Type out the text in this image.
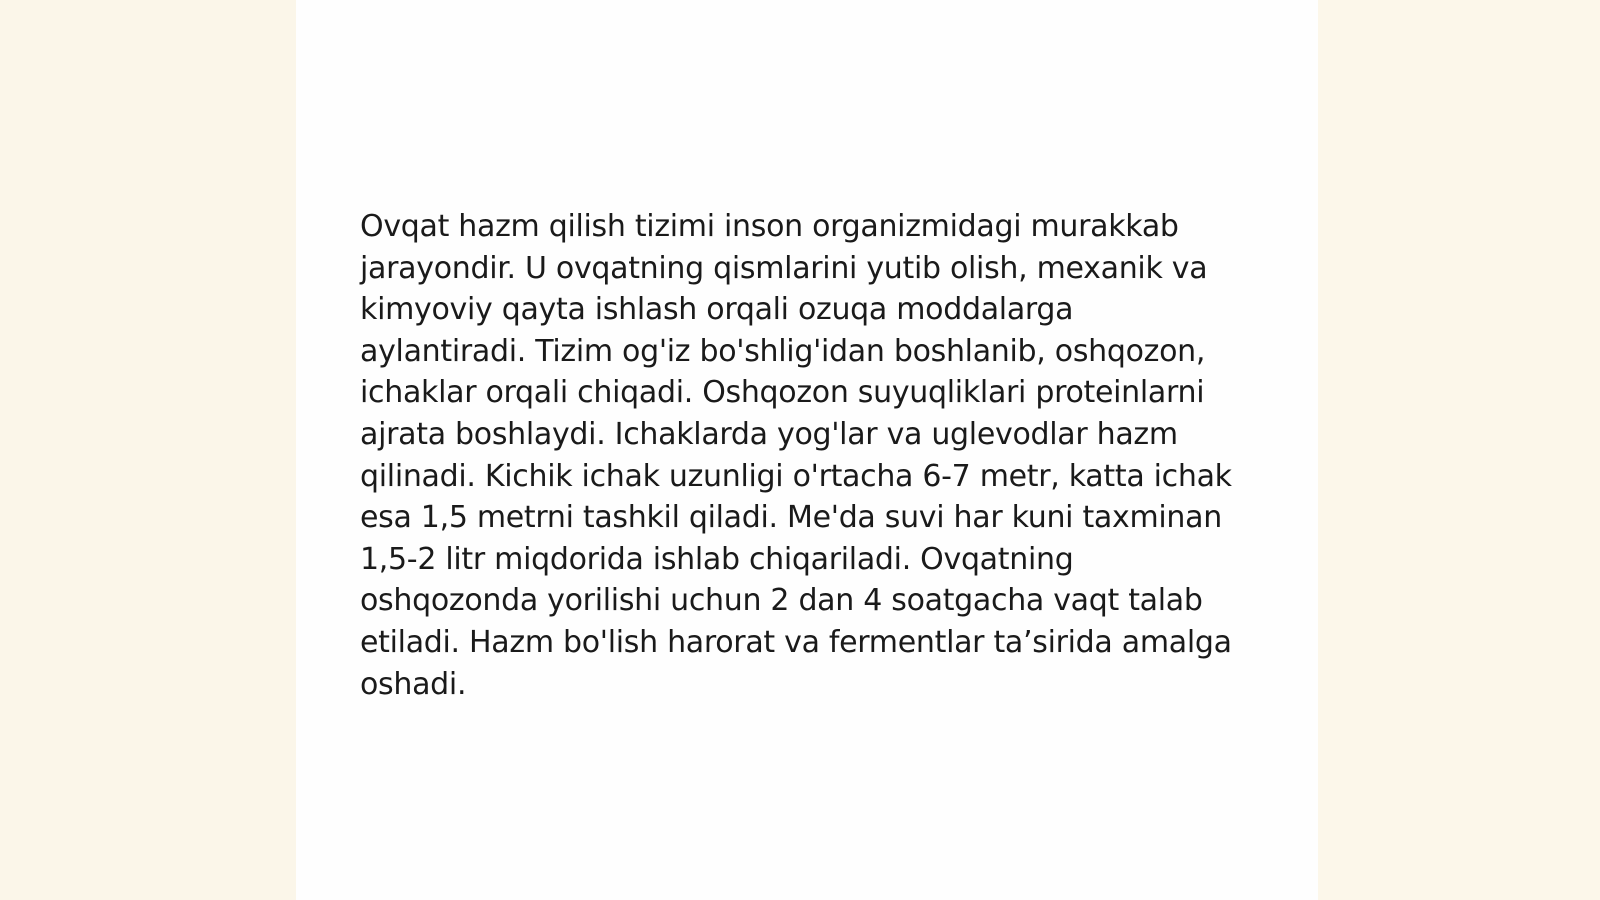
Ovqat hazm qilish tizimi inson organizmidagi murakkab jarayondir. U ovqatning qismlarini yutib olish, mexanik va kimyoviy qayta ishlash orqali ozuqa moddalarga aylantiradi. Tizim og'iz bo'shlig'idan boshlanib, oshqozon, ichaklar orqali chiqadi. Oshqozon suyuqliklari proteinlarni ajrata boshlaydi. Ichaklarda yog'lar va uglevodlar hazm qilinadi. Kichik ichak uzunligi o'rtacha 6-7 metr, katta ichak esa 1,5 metrni tashkil qiladi. Me'da suvi har kuni taxminan 1,5-2 litr miqdorida ishlab chiqariladi. Ovqatning oshqozonda yorilishi uchun 2 dan 4 soatgacha vaqt talab etiladi. Hazm bo'lish harorat va fermentlar ta’sirida amalga oshadi.
